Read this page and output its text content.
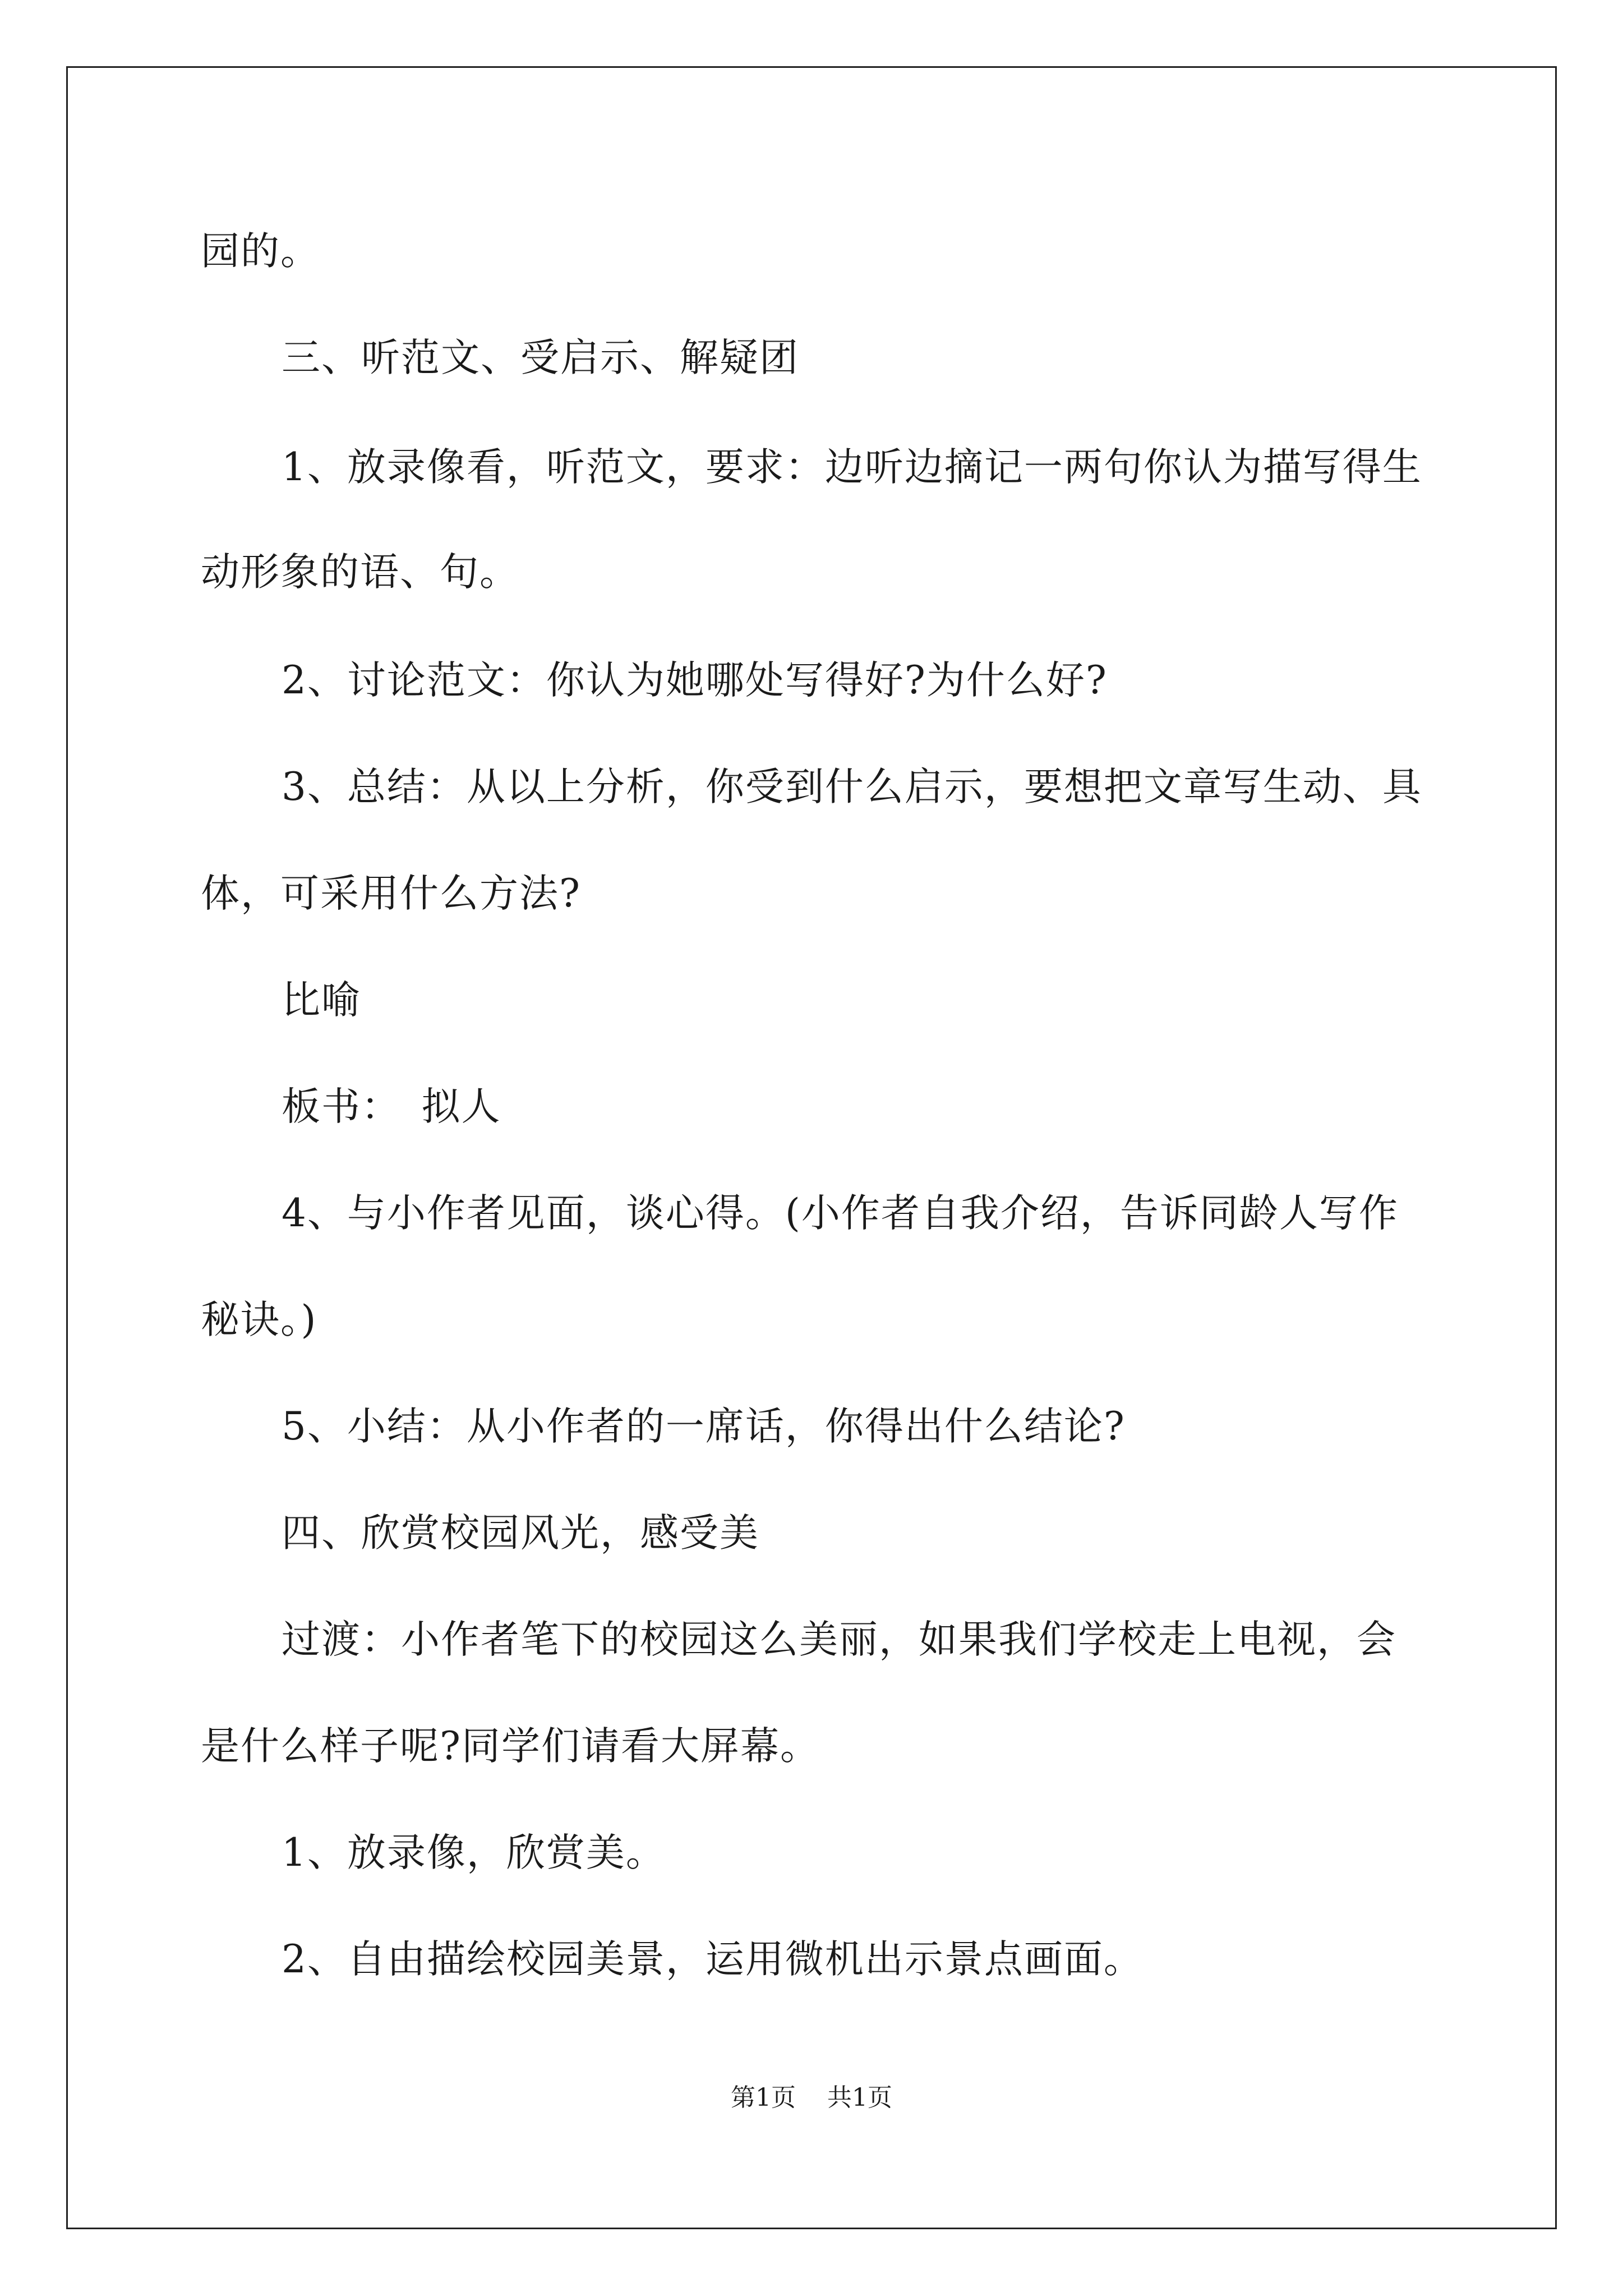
园的。
三、听范文、受启示、解疑团
1、放录像看，听范文，要求：边听边摘记一两句你认为描写得生
动形象的语、句。
2、讨论范文：你认为她哪处写得好?为什么好?
3、总结：从以上分析，你受到什么启示，要想把文章写生动、具
体，可采用什么方法?
比喻
板书：　拟人
4、与小作者见面，谈心得。(小作者自我介绍，告诉同龄人写作
秘诀。)
5、小结：从小作者的一席话，你得出什么结论?
四、欣赏校园风光，感受美
过渡：小作者笔下的校园这么美丽，如果我们学校走上电视，会
是什么样子呢?同学们请看大屏幕。
1、放录像，欣赏美。
2、自由描绘校园美景，运用微机出示景点画面。
第1页 共1页
